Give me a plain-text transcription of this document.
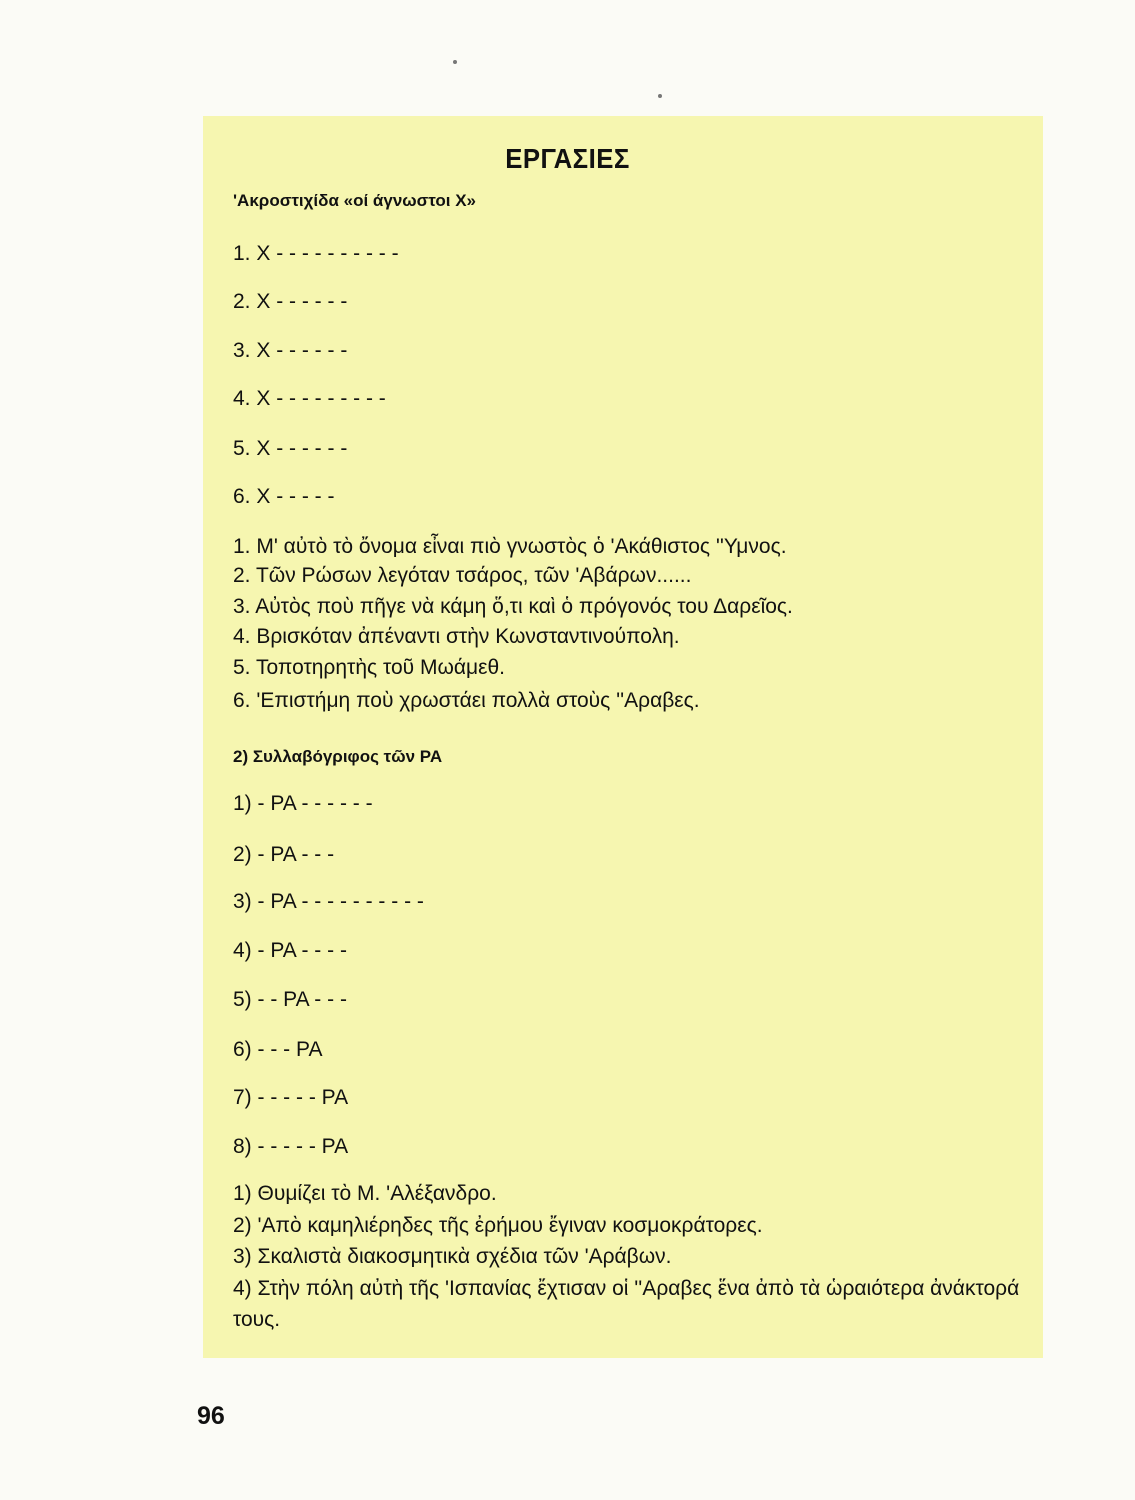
ΕΡΓΑΣΙΕΣ
'Ακροστιχίδα «οί άγνωστοι Χ»
1. Χ - - - - - - - - - -
2. Χ - - - - - -
3. Χ - - - - - -
4. Χ - - - - - - - - -
5. Χ - - - - - -
6. Χ - - - - -
1. Μ' αὐτὸ τὸ ὄνομα εἶναι πιὸ γνωστὸς ὁ 'Ακάθιστος ''Υμνος.
2. Τῶν Ρώσων λεγόταν τσάρος, τῶν 'Αβάρων......
3. Αὐτὸς ποὺ πῆγε νὰ κάμη ὅ,τι καὶ ὁ πρόγονός του Δαρεῖος.
4. Βρισκόταν ἀπέναντι στὴν Κωνσταντινούπολη.
5. Τοποτηρητὴς τοῦ Μωάμεθ.
6. 'Επιστήμη ποὺ χρωστάει πολλὰ στοὺς ''Αραβες.
2) Συλλαβόγριφος τῶν ΡΑ
1) - ΡΑ - - - - - -
2) - ΡΑ - - -
3) - ΡΑ - - - - - - - - - -
4) - ΡΑ - - - -
5) - - ΡΑ - - -
6) - - - ΡΑ
7) - - - - - ΡΑ
8) - - - - - ΡΑ
1) Θυμίζει τὸ Μ. 'Αλέξανδρο.
2) 'Απὸ καμηλιέρηδες τῆς ἐρήμου ἔγιναν κοσμοκράτορες.
3) Σκαλιστὰ διακοσμητικὰ σχέδια τῶν 'Αράβων.
4) Στὴν πόλη αὐτὴ τῆς 'Ισπανίας ἔχτισαν οἱ ''Αραβες ἕνα ἀπὸ τὰ ὡραιότερα ἀνάκτορά τους.
96
